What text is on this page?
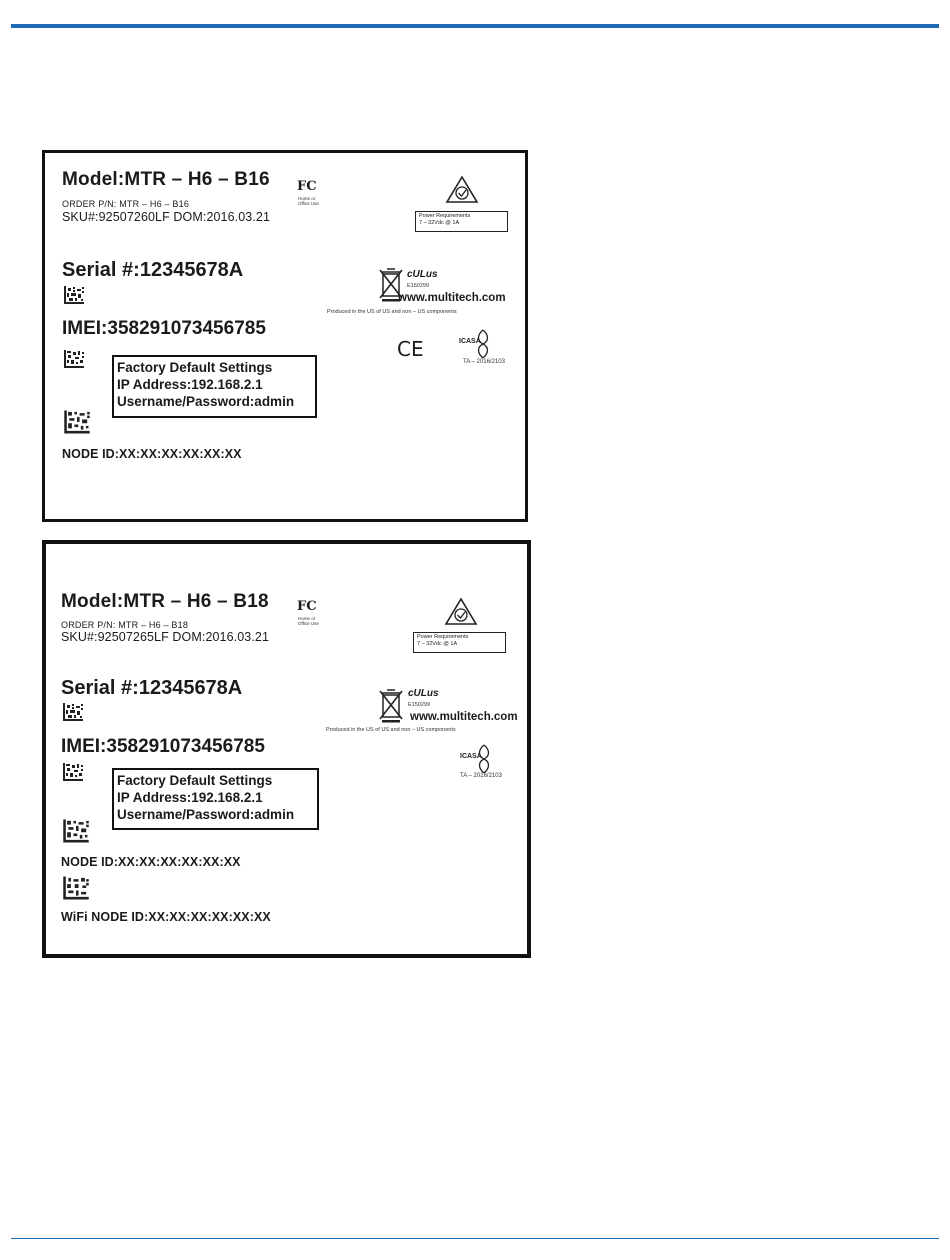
Model:MTR – H6 – B16
ORDER P/N: MTR – H6 – B16
SKU#:92507260LF DOM:2016.03.21
FC
Home or Office Use
Power Requirements
7 – 32Vdc @ 1A
Serial #:12345678A	cULus
E150299
www.multitech.com
Produced in the US of US and non – US components
IMEI:358291073456785
Factory Default Settings
IP Address:192.168.2.1
Username/Password:admin
CE	ICASA
TA – 2016/2103
NODE ID:XX:XX:XX:XX:XX:XX
Model:MTR – H6 – B18
ORDER P/N: MTR – H6 – B18
SKU#:92507265LF DOM:2016.03.21
FC
Home or Office Use
Power Requirements
7 – 32Vdc @ 1A
Serial #:12345678A	cULus
E150299
www.multitech.com
Produced in the US of US and non – US components
IMEI:358291073456785
Factory Default Settings
IP Address:192.168.2.1
Username/Password:admin
ICASA
TA – 2016/2103
NODE ID:XX:XX:XX:XX:XX:XX
WiFi NODE ID:XX:XX:XX:XX:XX:XX
